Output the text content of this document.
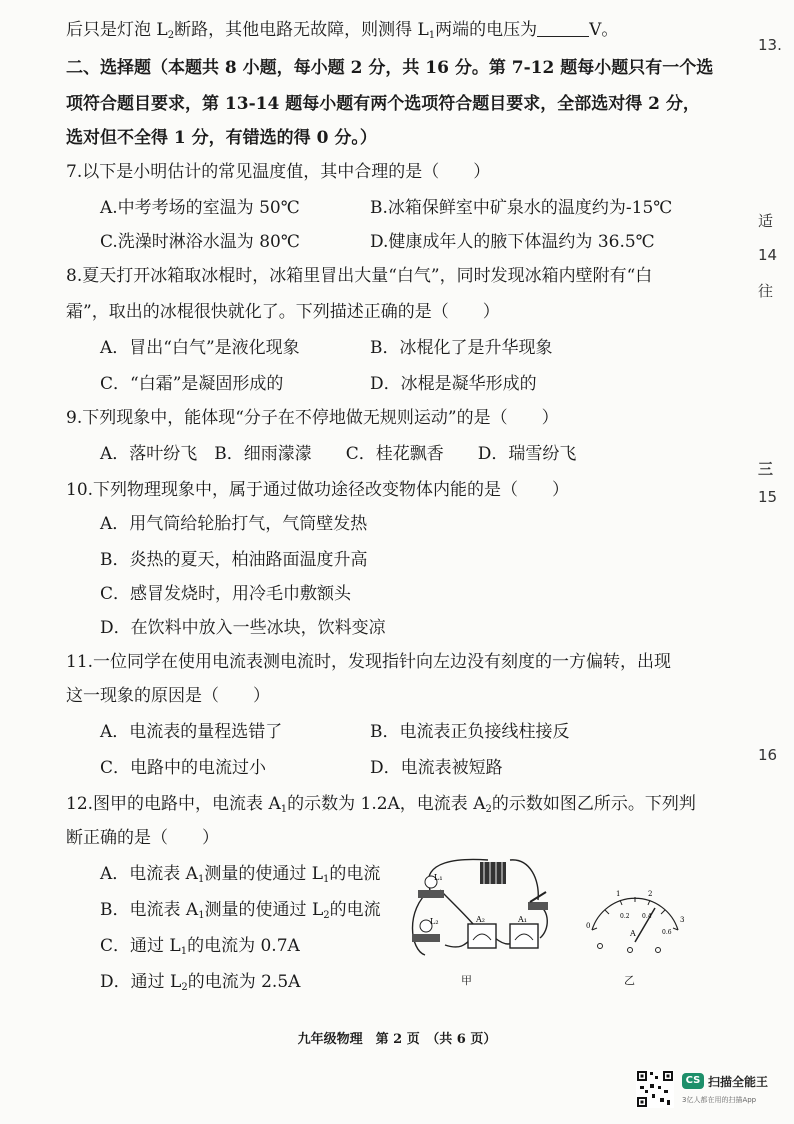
后只是灯泡 $L_2$断路，其他电路无故障，则测得 $L_1$两端的电压为	V。
二、选择题（本题共 8 小题，每小题 2 分，共 16 分。第 7-12 题每小题只有一个选
项符合题目要求，第 13-14 题每小题有两个选项符合题目要求，全部选对得 2 分，
选对但不全得 1 分，有错选的得 0 分。）
7.以下是小明估计的常见温度值，其中合理的是（　　）
A.中考考场的室温为 50℃	B.冰箱保鲜室中矿泉水的温度约为-15℃
C.洗澡时淋浴水温为 80℃	D.健康成年人的腋下体温约为 36.5℃
8.夏天打开冰箱取冰棍时，冰箱里冒出大量“白气”，同时发现冰箱内壁附有“白
霜”，取出的冰棍很快就化了。下列描述正确的是（　　）
A．冒出“白气”是液化现象	B．冰棍化了是升华现象
C．“白霜”是凝固形成的	D．冰棍是凝华形成的
9.下列现象中，能体现“分子在不停地做无规则运动”的是（　　）
A．落叶纷飞　B．细雨濛濛　　C．桂花飘香　　D．瑞雪纷飞
10.下列物理现象中，属于通过做功途径改变物体内能的是（　　）
A．用气筒给轮胎打气，气筒壁发热
B．炎热的夏天，柏油路面温度升高
C．感冒发烧时，用冷毛巾敷额头
D．在饮料中放入一些冰块，饮料变凉
11.一位同学在使用电流表测电流时，发现指针向左边没有刻度的一方偏转，出现
这一现象的原因是（　　）
A．电流表的量程选错了	B．电流表正负接线柱接反
C．电路中的电流过小	D．电流表被短路
12.图甲的电路中，电流表 $A_1$的示数为 1.2A，电流表 $A_2$的示数如图乙所示。下列判
断正确的是（　　）
A．电流表 $A_1$测量的使通过 $L_1$的电流
B．电流表 $A_1$测量的使通过 $L_2$的电流
C．通过 $L_1$的电流为 0.7A
D．通过 $L_2$的电流为 2.5A
L₁
L₂	A₂	A₁
甲
0
1	2
3
0.2 0.4
0.6
A
乙
13.
适
14
往
三
15
16
九年级物理　第 2 页　（共 6 页）
CS 扫描全能王
3亿人都在用的扫描App
